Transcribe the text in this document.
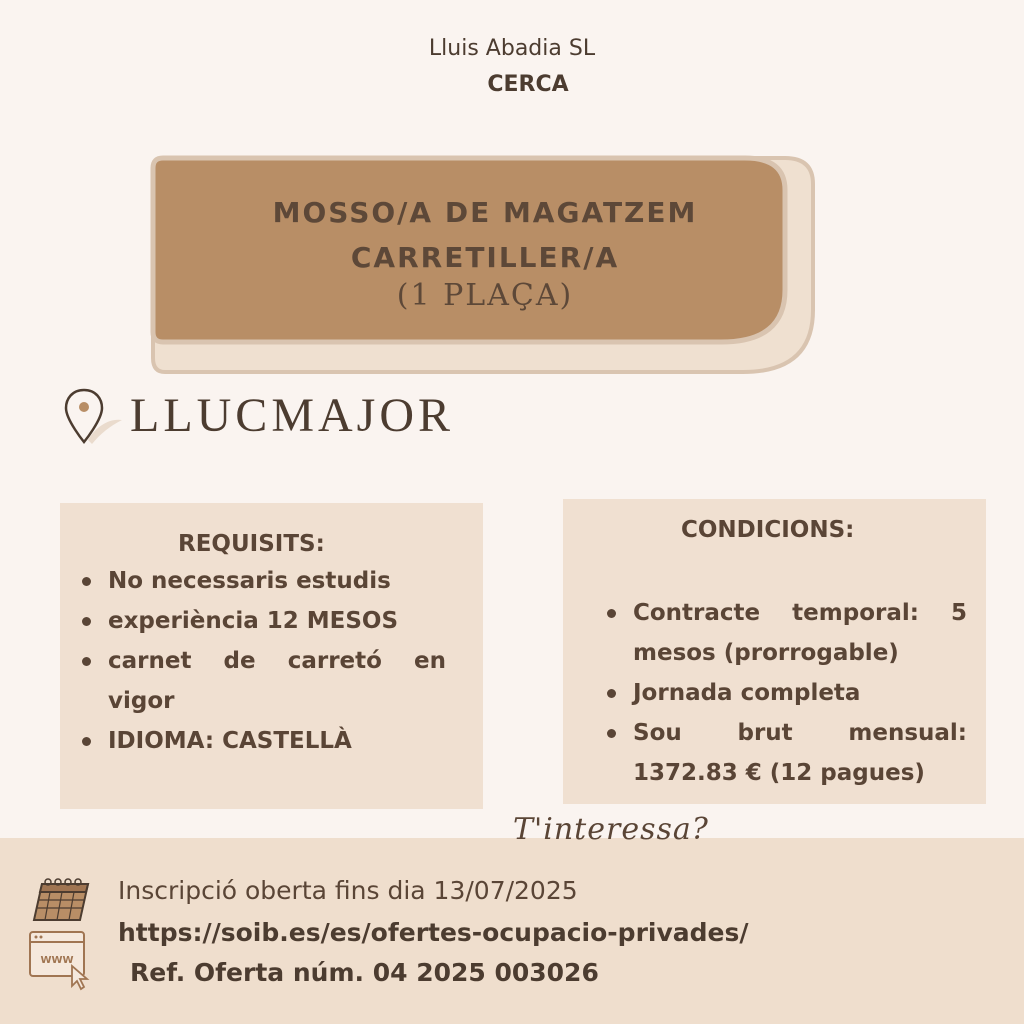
Lluis Abadia SL
CERCA
MOSSO/A DE MAGATZEM
CARRETILLER/A
(1 PLAÇA)
LLUCMAJOR
REQUISITS:
No necessaris estudis
experiència 12 MESOS
carnet de carretó en vigor
IDIOMA: CASTELLÀ
CONDICIONS:
Contracte temporal: 5 mesos (prorrogable)
Jornada completa
Sou brut mensual: 1372.83 € (12 pagues)
T'interessa?
WWW
Inscripció oberta fins dia 13/07/2025
https://soib.es/es/ofertes-ocupacio-privades/
Ref. Oferta núm. 04 2025 003026
